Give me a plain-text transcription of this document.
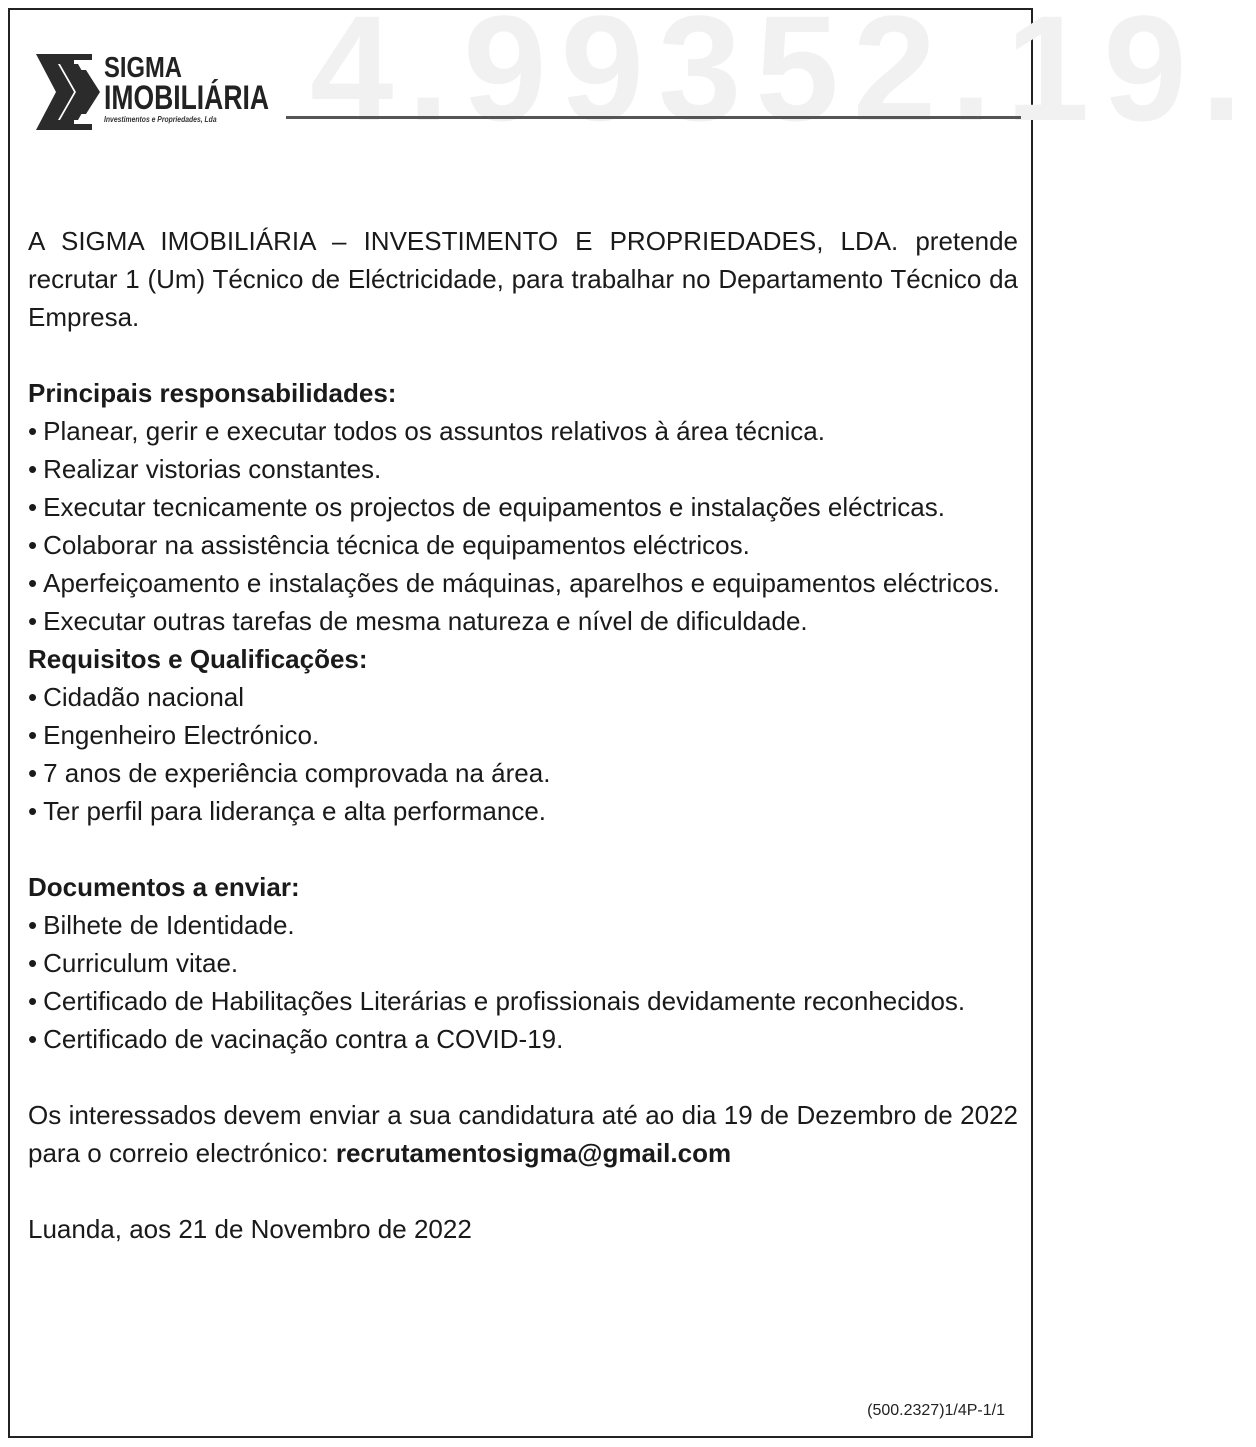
4.99352.19.
SIGMA
IMOBILIÁRIA
Investimentos e Propriedades, Lda

A SIGMA IMOBILIÁRIA – INVESTIMENTO E PROPRIEDADES, LDA. pretende recrutar 1 (Um) Técnico de Eléctricidade, para trabalhar no Departamento Técnico da Empresa.

Principais responsabilidades:

• Planear, gerir e executar todos os assuntos relativos à área técnica.
• Realizar vistorias constantes.
• Executar tecnicamente os projectos de equipamentos e instalações eléctricas.
• Colaborar na assistência técnica de equipamentos eléctricos.
• Aperfeiçoamento e instalações de máquinas, aparelhos e equipamentos eléctricos.
• Executar outras tarefas de mesma natureza e nível de dificuldade.

Requisitos e Qualificações:

• Cidadão nacional
• Engenheiro Electrónico.
• 7 anos de experiência comprovada na área.
• Ter perfil para liderança e alta performance.

Documentos a enviar:

• Bilhete de Identidade.
• Curriculum vitae.
• Certificado de Habilitações Literárias e profissionais devidamente reconhecidos.
• Certificado de vacinação contra a COVID-19.

Os interessados devem enviar a sua candidatura até ao dia 19 de Dezembro de 2022 para o correio electrónico: recrutamentosigma@gmail.com

Luanda, aos 21 de Novembro de 2022

(500.2327)1/4P-1/1
